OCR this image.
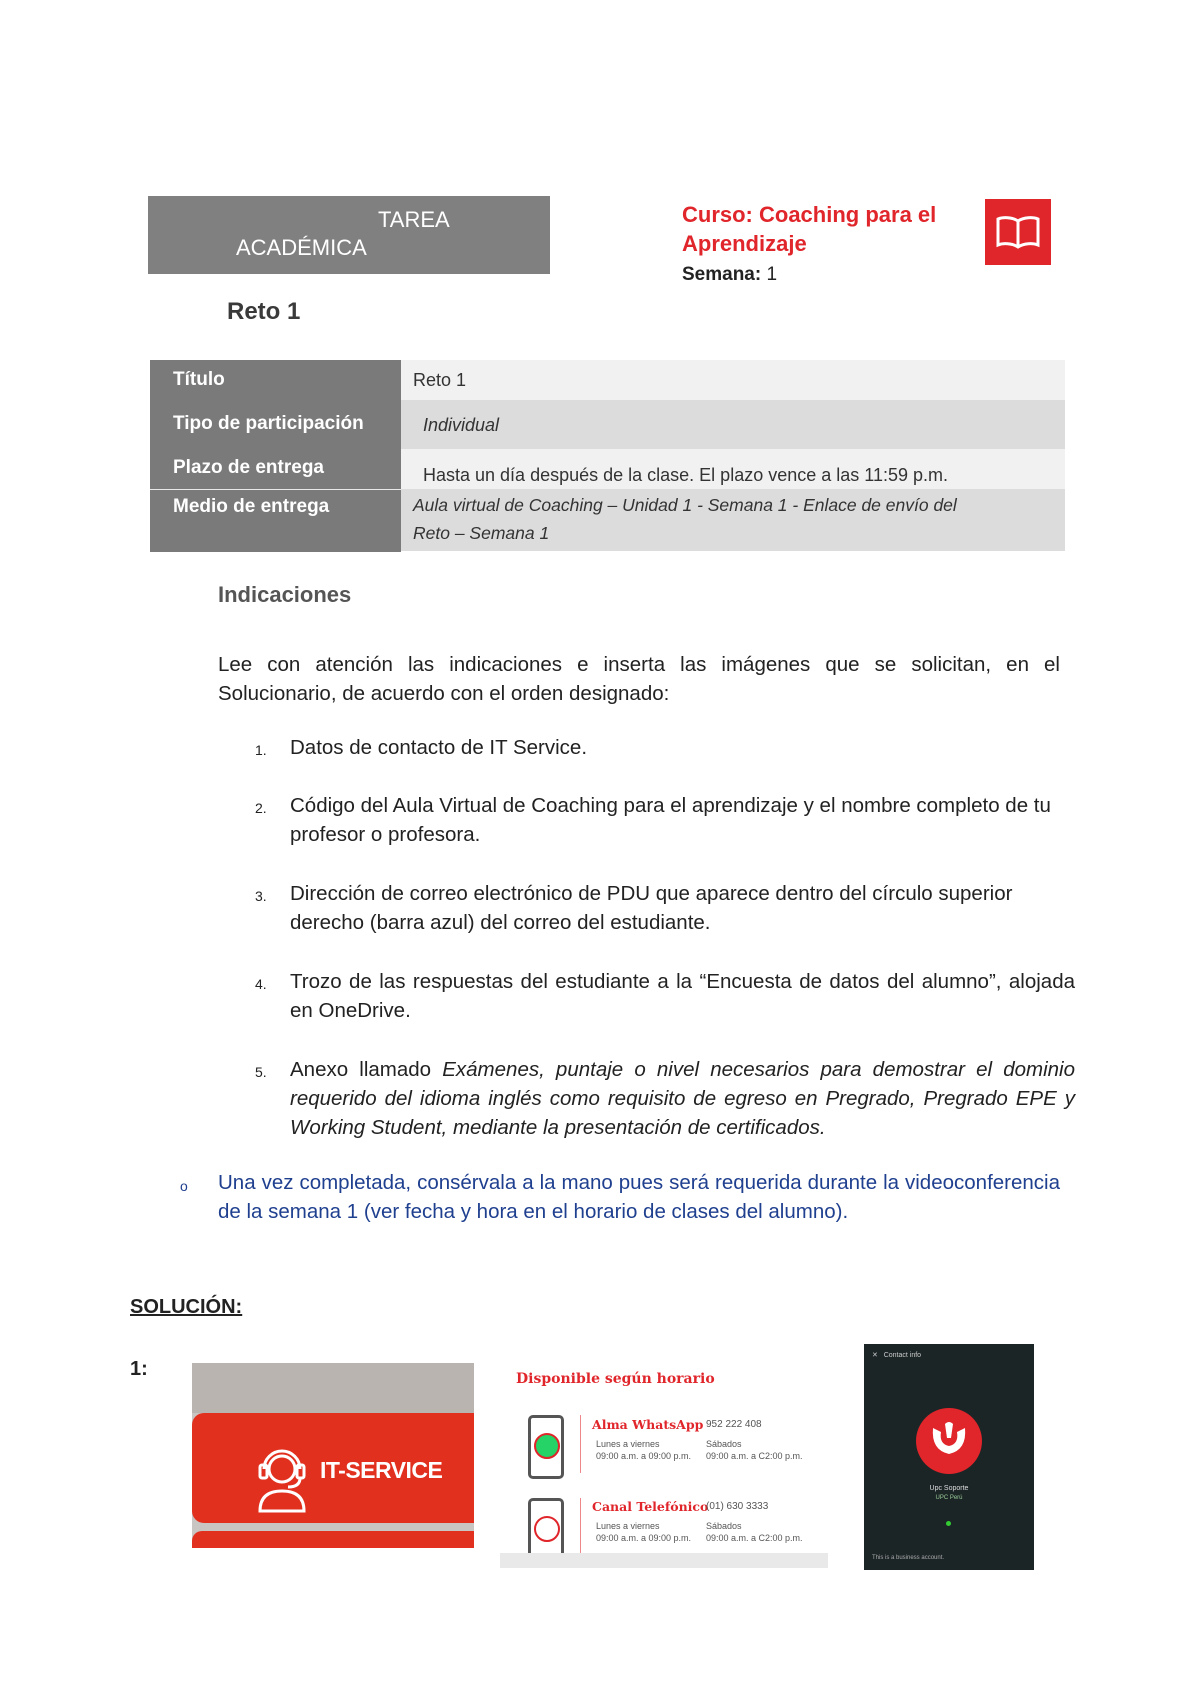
TAREA
ACADÉMICA
Reto 1
Curso: Coaching para el
Aprendizaje
Semana: 1
Título	Reto 1
Tipo de participación	Individual
Plazo de entrega	Hasta un día después de la clase. El plazo vence a las 11:59 p.m.
Medio de entrega	Aula virtual de Coaching – Unidad 1 - Semana 1 - Enlace de envío del
Reto – Semana 1
Indicaciones
Lee con atención las indicaciones e inserta las imágenes que se solicitan, en el Solucionario, de acuerdo con el orden designado:
1. Datos de contacto de IT Service.
2. Código del Aula Virtual de Coaching para el aprendizaje y el nombre completo de tu profesor o profesora.
3. Dirección de correo electrónico de PDU que aparece dentro del círculo superior derecho (barra azul) del correo del estudiante.
4. Trozo de las respuestas del estudiante a la “Encuesta de datos del alumno”, alojada en OneDrive.
5. Anexo llamado Exámenes, puntaje o nivel necesarios para demostrar el dominio requerido del idioma inglés como requisito de egreso en Pregrado, Pregrado EPE y Working Student, mediante la presentación de certificados.
o Una vez completada, consérvala a la mano pues será requerida durante la videoconferencia de la semana 1 (ver fecha y hora en el horario de clases del alumno).
SOLUCIÓN:
1:
IT-SERVICE
Disponible según horario
Alma WhatsApp 952 222 408
Lunes a viernes
09:00 a.m. a 09:00 p.m.
Sábados
09:00 a.m. a C2:00 p.m.
Canal Telefónico
(01) 630 3333
Lunes a viernes
09:00 a.m. a 09:00 p.m.
Sábados
09:00 a.m. a C2:00 p.m.
✕   Contact info
Upc Soporte
UPC Perú
This is a business account.
